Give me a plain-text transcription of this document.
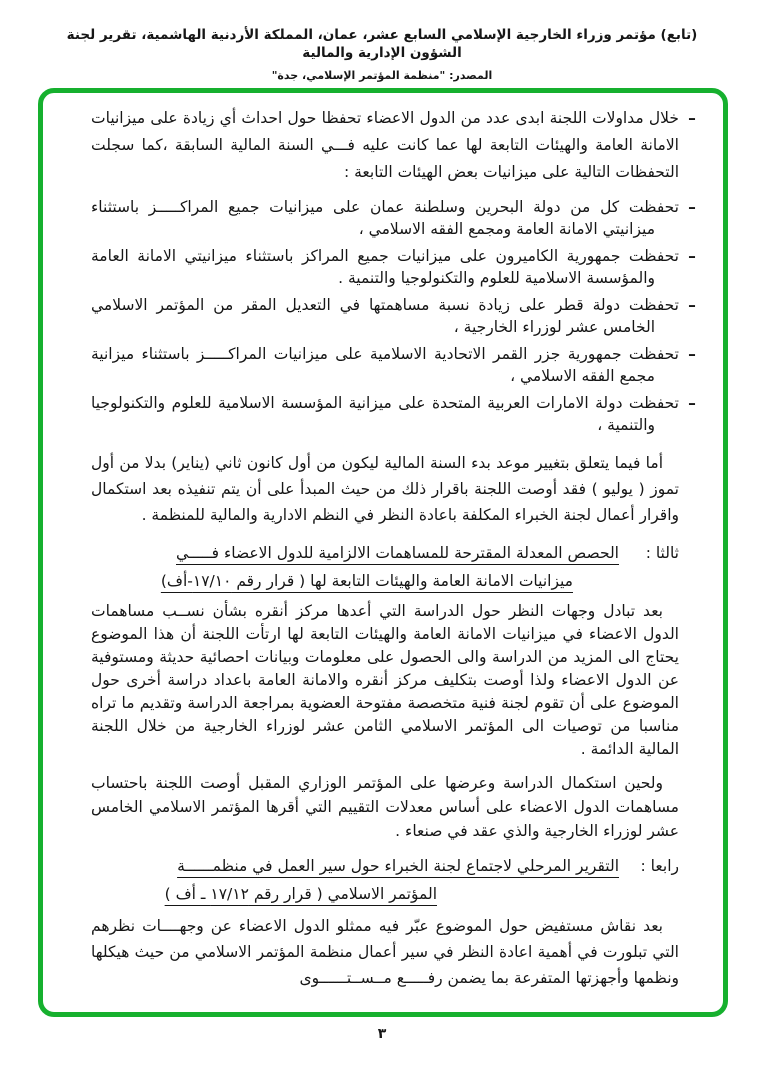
(تابع) مؤتمر وزراء الخارجية الإسلامي السابع عشر، عمان، المملكة الأردنية الهاشمية، تقرير لجنة الشؤون الإدارية والمالية
المصدر: "منظمة المؤتمر الإسلامي، جدة"
–

خلال مداولات اللجنة ابدى عدد من الدول الاعضاء تحفظا حول احداث أي زيادة على ميزانيات الامانة العامة والهيئات التابعة لها عما كانت عليه فـــي السنة المالية السابقة ،كما سجلت التحفظات التالية على ميزانيات بعض الهيئات التابعة :

–

تحفظت كل من دولة البحرين وسلطنة عمان على ميزانيات جميع المراكـــــز باستثناء ميزانيتي الامانة العامة ومجمع الفقه الاسلامي ،

–

تحفظت جمهورية الكاميرون على ميزانيات جميع المراكز باستثناء ميزانيتي الامانة العامة والمؤسسة الاسلامية للعلوم والتكنولوجيا والتنمية .

–

تحفظت دولة قطر على زيادة نسبة مساهمتها في التعديل المقر من المؤتمر الاسلامي الخامس عشر لوزراء الخارجية ،

–

تحفظت جمهورية جزر القمر الاتحادية الاسلامية على ميزانيات المراكـــــز باستثناء ميزانية مجمع الفقه الاسلامي ،

–

تحفظت دولة الامارات العربية المتحدة على ميزانية المؤسسة الاسلامية للعلوم والتكنولوجيا والتنمية ،

أما فيما يتعلق بتغيير موعد بدء السنة المالية ليكون من أول كانون ثاني (يناير) بدلا من أول تموز ( يوليو ) فقد أوصت اللجنة باقرار ذلك من حيث المبدأ على أن يتم تنفيذه بعد استكمال واقرار أعمال لجنة الخبراء المكلفة باعادة النظر في النظم الادارية والمالية للمنظمة .

ثالثا :
الحصص المعدلة المقترحة للمساهمات الالزامية للدول الاعضاء فـــــي
ميزانيات الامانة العامة والهيئات التابعة لها ( قرار رقم ١٧/١٠-أف)

بعد تبادل وجهات النظر حول الدراسة التي أعدها مركز أنقره بشأن نســب مساهمات الدول الاعضاء في ميزانيات الامانة العامة والهيئات التابعة لها ارتأت اللجنة أن هذا الموضوع يحتاج الى المزيد من الدراسة والى الحصول على معلومات وبيانات احصائية حديثة ومستوفية عن الدول الاعضاء ولذا أوصت بتكليف مركز أنقره والامانة العامة باعداد دراسة أخرى حول الموضوع على أن تقوم لجنة فنية متخصصة مفتوحة العضوية بمراجعة الدراسة وتقديم ما تراه مناسبا من توصيات الى المؤتمر الاسلامي الثامن عشر لوزراء الخارجية من خلال اللجنة المالية الدائمة .

ولحين استكمال الدراسة وعرضها على المؤتمر الوزاري المقبل أوصت اللجنة باحتساب مساهمات الدول الاعضاء على أساس معدلات التقييم التي أقرها المؤتمر الاسلامي الخامس عشر لوزراء الخارجية والذي عقد في صنعاء .

رابعا :
التقرير المرحلي لاجتماع لجنة الخبراء حول سير العمل في منظمــــــة
المؤتمر الاسلامي ( قرار رقم ١٧/١٢ ـ أف )

بعد نقاش مستفيض حول الموضوع عبّر فيه ممثلو الدول الاعضاء عن وجهــــات نظرهم التي تبلورت في أهمية اعادة النظر في سير أعمال منظمة المؤتمر الاسلامي من حيث هيكلها ونظمها وأجهزتها المتفرعة بما يضمن رفـــــع مــســتــــــوى

٣
